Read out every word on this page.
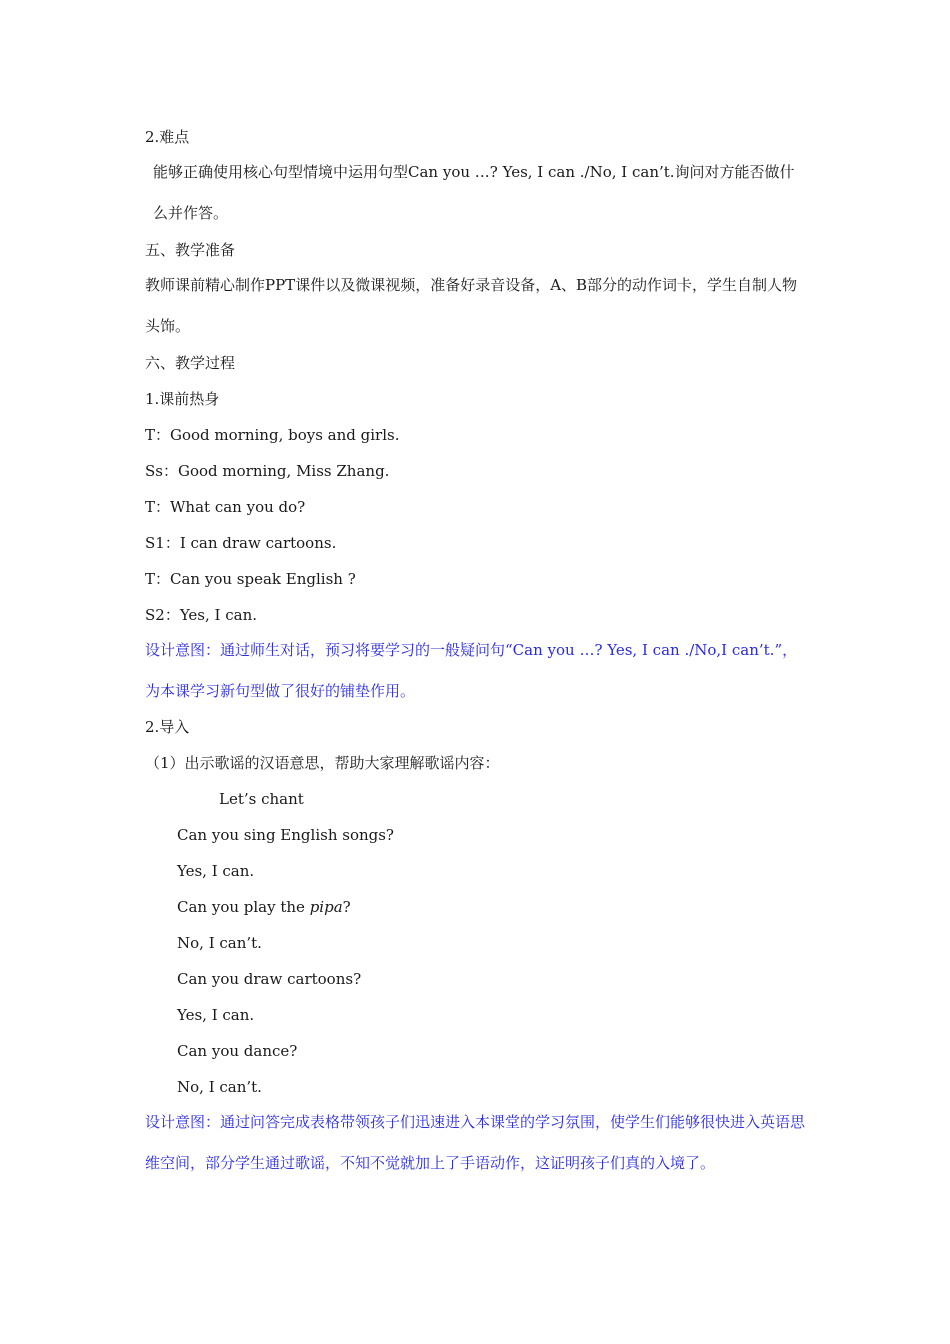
2.难点

能够正确使用核心句型情境中运用句型Can you …? Yes, I can ./No, I can’t.询问对方能否做什么并作答。

五、教学准备

教师课前精心制作PPT课件以及微课视频，准备好录音设备，A、B部分的动作词卡，学生自制人物头饰。

六、教学过程

1.课前热身

T：Good morning, boys and girls.

Ss：Good morning, Miss Zhang.

T：What can you do?

S1：I can draw cartoons.

T：Can you speak English ?

S2：Yes, I can.

设计意图：通过师生对话，预习将要学习的一般疑问句“Can you …? Yes, I can ./No,I can’t.”，为本课学习新句型做了很好的铺垫作用。

2.导入

（1）出示歌谣的汉语意思，帮助大家理解歌谣内容：

Let’s chant

Can you sing English songs?

Yes, I can.

Can you play the pipa?

No, I can’t.

Can you draw cartoons?

Yes, I can.

Can you dance?

No, I can’t.

设计意图：通过问答完成表格带领孩子们迅速进入本课堂的学习氛围，使学生们能够很快进入英语思维空间，部分学生通过歌谣，不知不觉就加上了手语动作，这证明孩子们真的入境了。
